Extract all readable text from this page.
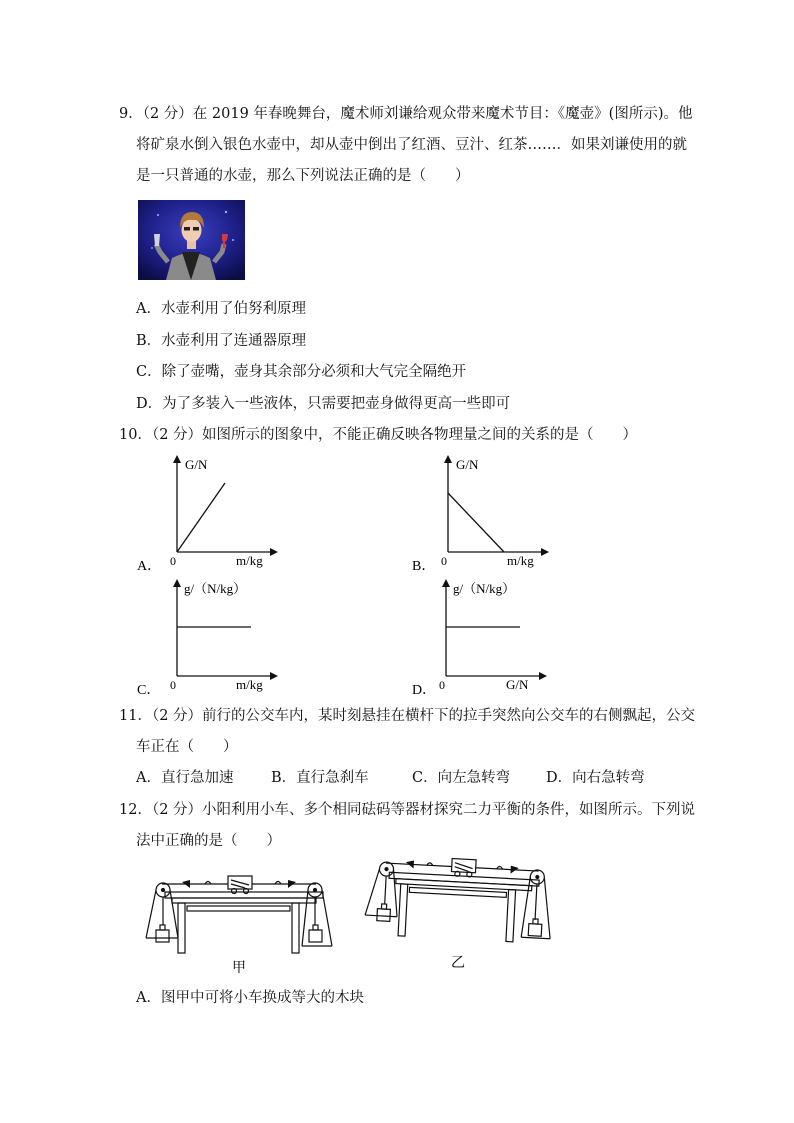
9．（2 分）在 2019 年春晚舞台，魔术师刘谦给观众带来魔术节目：《魔壶》(图所示)。他
将矿泉水倒入银色水壶中，却从壶中倒出了红酒、豆汁、红茶……．如果刘谦使用的就
是一只普通的水壶，那么下列说法正确的是（　　）
A．水壶利用了伯努利原理
B．水壶利用了连通器原理
C．除了壶嘴，壶身其余部分必须和大气完全隔绝开
D．为了多装入一些液体，只需要把壶身做得更高一些即可
10．（2 分）如图所示的图象中，不能正确反映各物理量之间的关系的是（　　）
G/N
m/kg
0
A．
G/N
m/kg
0
B．
g/（N/kg）
m/kg
0
C．
g/（N/kg）
G/N
0
D．
11．（2 分）前行的公交车内，某时刻悬挂在横杆下的拉手突然向公交车的右侧飘起，公交
车正在（　　）
A．直行急加速	B．直行急刹车	C．向左急转弯 D．向右急转弯
12．（2 分）小阳利用小车、多个相同砝码等器材探究二力平衡的条件，如图所示。下列说
法中正确的是（　　）
甲	乙
A．图甲中可将小车换成等大的木块
